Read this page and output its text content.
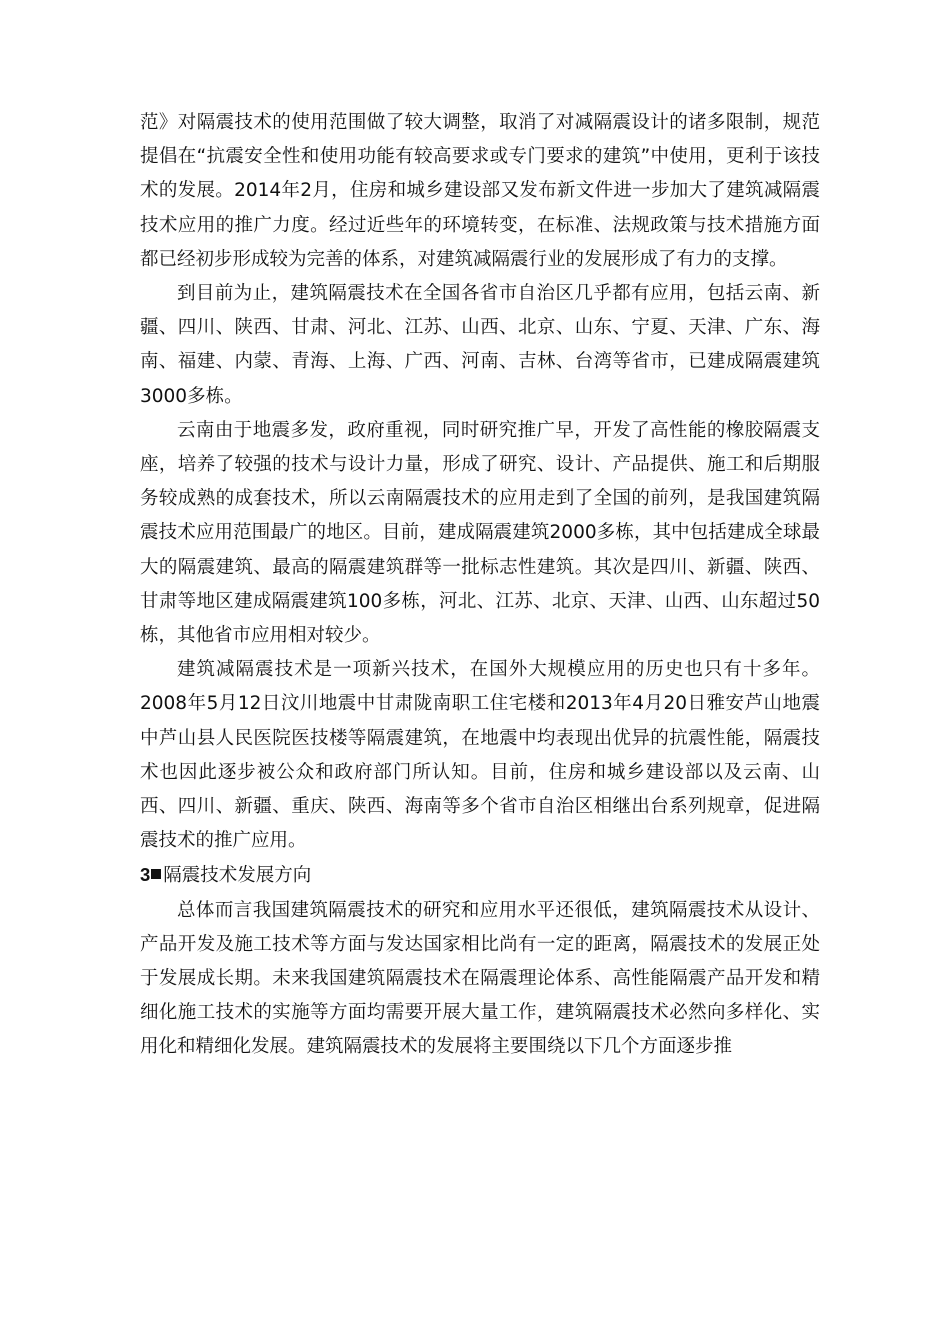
范》对隔震技术的使用范围做了较大调整，取消了对减隔震设计的诸多限制，规范提倡在“抗震安全性和使用功能有较高要求或专门要求的建筑”中使用，更利于该技术的发展。2014年2月，住房和城乡建设部又发布新文件进一步加大了建筑减隔震技术应用的推广力度。经过近些年的环境转变，在标准、法规政策与技术措施方面都已经初步形成较为完善的体系，对建筑减隔震行业的发展形成了有力的支撑。

到目前为止，建筑隔震技术在全国各省市自治区几乎都有应用，包括云南、新疆、四川、陕西、甘肃、河北、江苏、山西、北京、山东、宁夏、天津、广东、海南、福建、内蒙、青海、上海、广西、河南、吉林、台湾等省市，已建成隔震建筑3000多栋。

云南由于地震多发，政府重视，同时研究推广早，开发了高性能的橡胶隔震支座，培养了较强的技术与设计力量，形成了研究、设计、产品提供、施工和后期服务较成熟的成套技术，所以云南隔震技术的应用走到了全国的前列，是我国建筑隔震技术应用范围最广的地区。目前，建成隔震建筑2000多栋，其中包括建成全球最大的隔震建筑、最高的隔震建筑群等一批标志性建筑。其次是四川、新疆、陕西、甘肃等地区建成隔震建筑100多栋，河北、江苏、北京、天津、山西、山东超过50栋，其他省市应用相对较少。

建筑减隔震技术是一项新兴技术，在国外大规模应用的历史也只有十多年。2008年5月12日汶川地震中甘肃陇南职工住宅楼和2013年4月20日雅安芦山地震中芦山县人民医院医技楼等隔震建筑，在地震中均表现出优异的抗震性能，隔震技术也因此逐步被公众和政府部门所认知。目前，住房和城乡建设部以及云南、山西、四川、新疆、重庆、陕西、海南等多个省市自治区相继出台系列规章，促进隔震技术的推广应用。

3 隔震技术发展方向

总体而言我国建筑隔震技术的研究和应用水平还很低，建筑隔震技术从设计、产品开发及施工技术等方面与发达国家相比尚有一定的距离，隔震技术的发展正处于发展成长期。未来我国建筑隔震技术在隔震理论体系、高性能隔震产品开发和精细化施工技术的实施等方面均需要开展大量工作，建筑隔震技术必然向多样化、实用化和精细化发展。建筑隔震技术的发展将主要围绕以下几个方面逐步推
